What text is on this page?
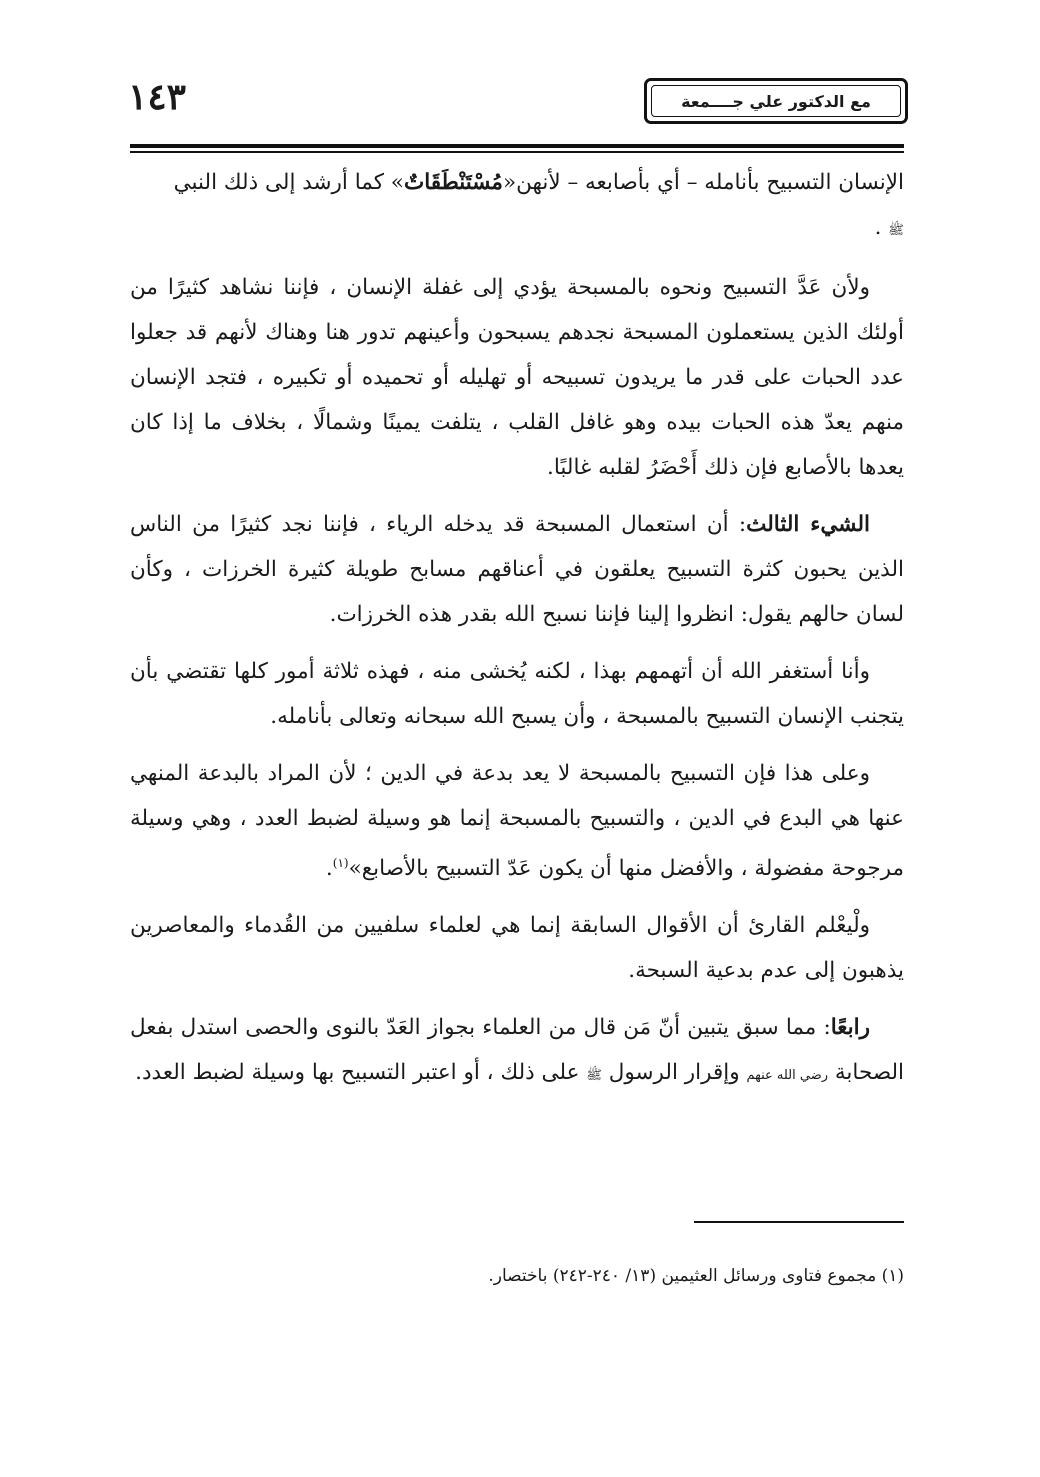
١٤٣	مع الدكتور علي جــــمعة

الإنسان التسبيح بأنامله – أي بأصابعه – لأنهن«مُسْتَنْطَقَاتٌ» كما أرشد إلى ذلك النبي
ﷺ .

ولأن عَدَّ التسبيح ونحوه بالمسبحة يؤدي إلى غفلة الإنسان ، فإننا نشاهد كثيرًا من أولئك الذين يستعملون المسبحة نجدهم يسبحون وأعينهم تدور هنا وهناك لأنهم قد جعلوا عدد الحبات على قدر ما يريدون تسبيحه أو تهليله أو تحميده أو تكبيره ، فتجد الإنسان منهم يعدّ هذه الحبات بيده وهو غافل القلب ، يتلفت يمينًا وشمالًا ، بخلاف ما إذا كان يعدها بالأصابع فإن ذلك أَحْضَرُ لقلبه غالبًا.

الشيء الثالث: أن استعمال المسبحة قد يدخله الرياء ، فإننا نجد كثيرًا من الناس الذين يحبون كثرة التسبيح يعلقون في أعناقهم مسابح طويلة كثيرة الخرزات ، وكأن لسان حالهم يقول: انظروا إلينا فإننا نسبح الله بقدر هذه الخرزات.

وأنا أستغفر الله أن أتهمهم بهذا ، لكنه يُخشى منه ، فهذه ثلاثة أمور كلها تقتضي بأن يتجنب الإنسان التسبيح بالمسبحة ، وأن يسبح الله سبحانه وتعالى بأنامله.

وعلى هذا فإن التسبيح بالمسبحة لا يعد بدعة في الدين ؛ لأن المراد بالبدعة المنهي عنها هي البدع في الدين ، والتسبيح بالمسبحة إنما هو وسيلة لضبط العدد ، وهي وسيلة مرجوحة مفضولة ، والأفضل منها أن يكون عَدّ التسبيح بالأصابع»$^{(١)}$.

ولْيعْلم القارئ أن الأقوال السابقة إنما هي لعلماء سلفيين من القُدماء والمعاصرين يذهبون إلى عدم بدعية السبحة.

رابعًا: مما سبق يتبين أنّ مَن قال من العلماء بجواز العَدّ بالنوى والحصى استدل بفعل الصحابة رضي الله عنهم وإقرار الرسول ﷺ على ذلك ، أو اعتبر التسبيح بها وسيلة لضبط العدد.

(١) مجموع فتاوى ورسائل العثيمين (١٣/ ٢٤٠-٢٤٢) باختصار.
